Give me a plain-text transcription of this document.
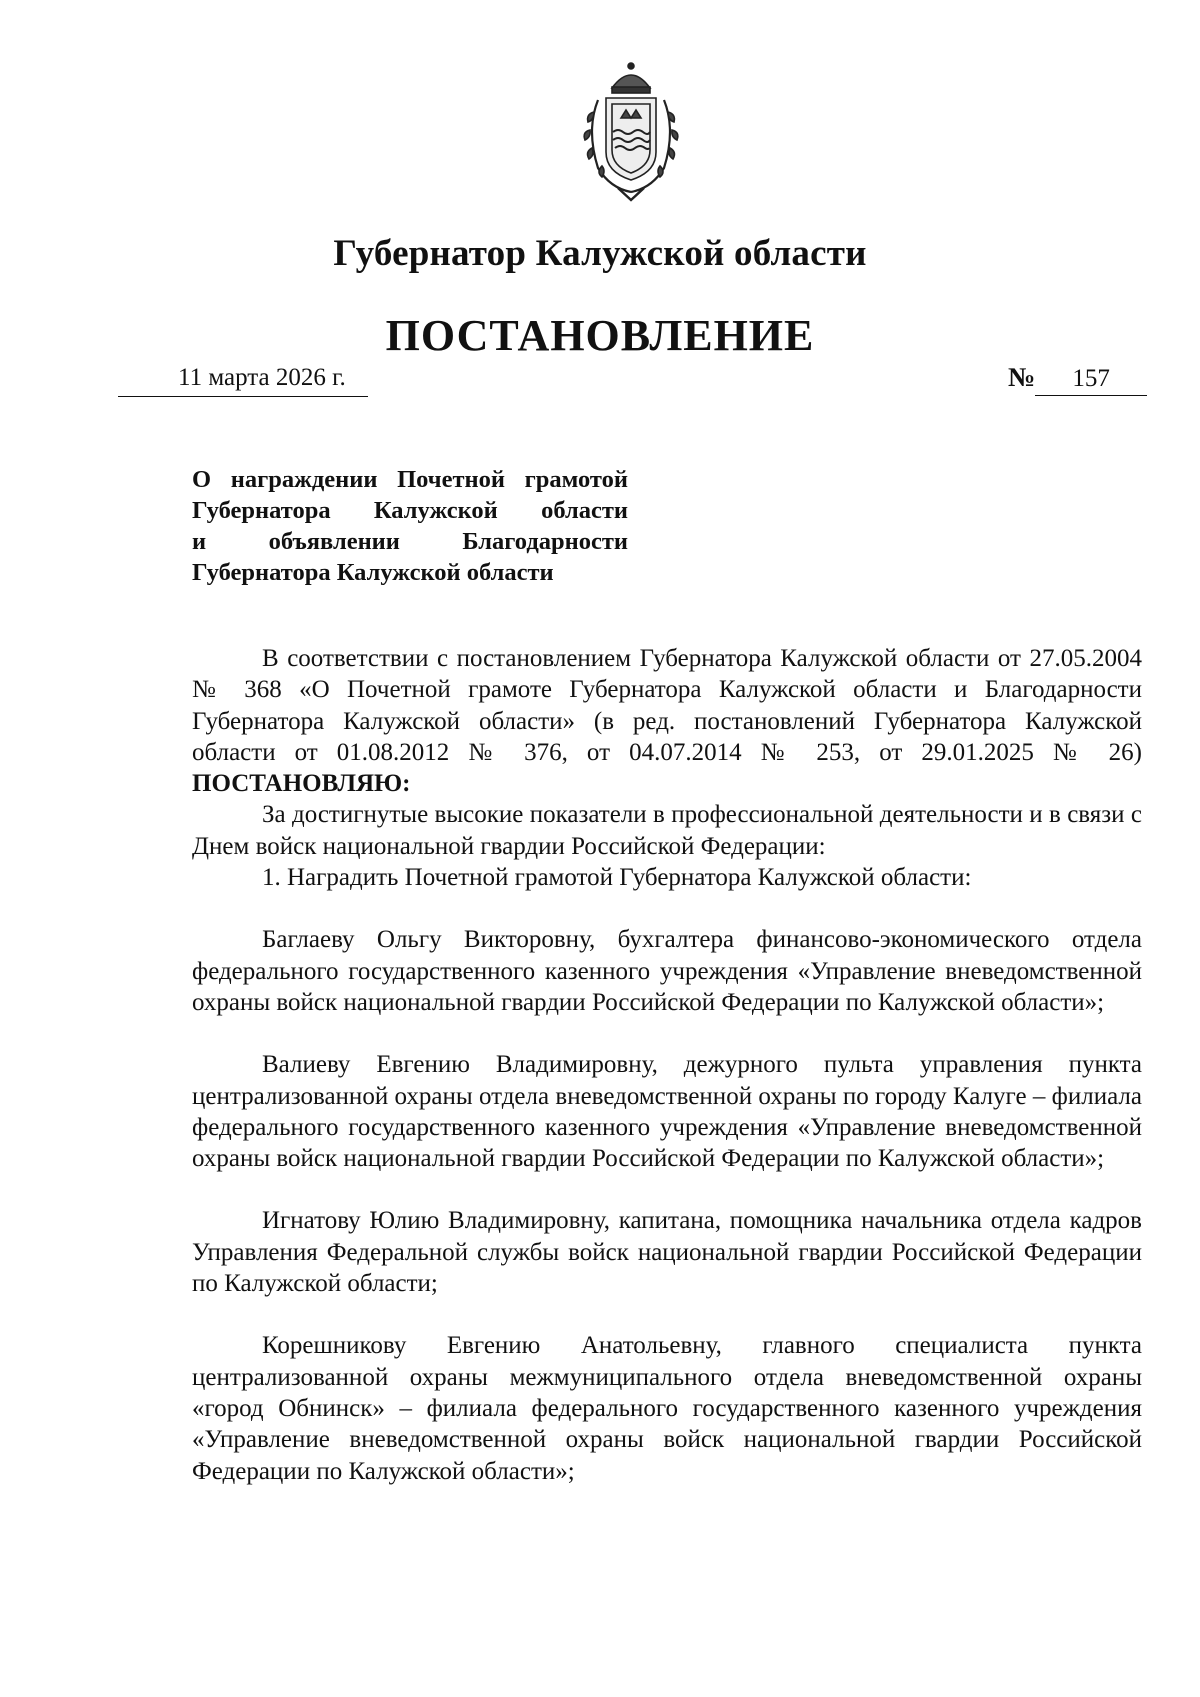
Губернатор Калужской области
ПОСТАНОВЛЕНИЕ
11 марта 2026 г.	№ 157
О награждении Почетной грамотой
Губернатора Калужской области
и объявлении Благодарности
Губернатора Калужской области

В соответствии с постановлением Губернатора Калужской области от 27.05.2004 № 368 «О Почетной грамоте Губернатора Калужской области и Благодарности Губернатора Калужской области» (в ред. постановлений Губернатора Калужской области от 01.08.2012 № 376, от 04.07.2014 № 253, от 29.01.2025 № 26) ПОСТАНОВЛЯЮ:

За достигнутые высокие показатели в профессиональной деятельности и в связи с Днем войск национальной гвардии Российской Федерации:

1. Наградить Почетной грамотой Губернатора Калужской области:

Баглаеву Ольгу Викторовну, бухгалтера финансово-экономического отдела федерального государственного казенного учреждения «Управление вневедомственной охраны войск национальной гвардии Российской Федерации по Калужской области»;

Валиеву Евгению Владимировну, дежурного пульта управления пункта централизованной охраны отдела вневедомственной охраны по городу Калуге – филиала федерального государственного казенного учреждения «Управление вневедомственной охраны войск национальной гвардии Российской Федерации по Калужской области»;

Игнатову Юлию Владимировну, капитана, помощника начальника отдела кадров Управления Федеральной службы войск национальной гвардии Российской Федерации по Калужской области;

Корешникову Евгению Анатольевну, главного специалиста пункта централизованной охраны межмуниципального отдела вневедомственной охраны «город Обнинск» – филиала федерального государственного казенного учреждения «Управление вневедомственной охраны войск национальной гвардии Российской Федерации по Калужской области»;
